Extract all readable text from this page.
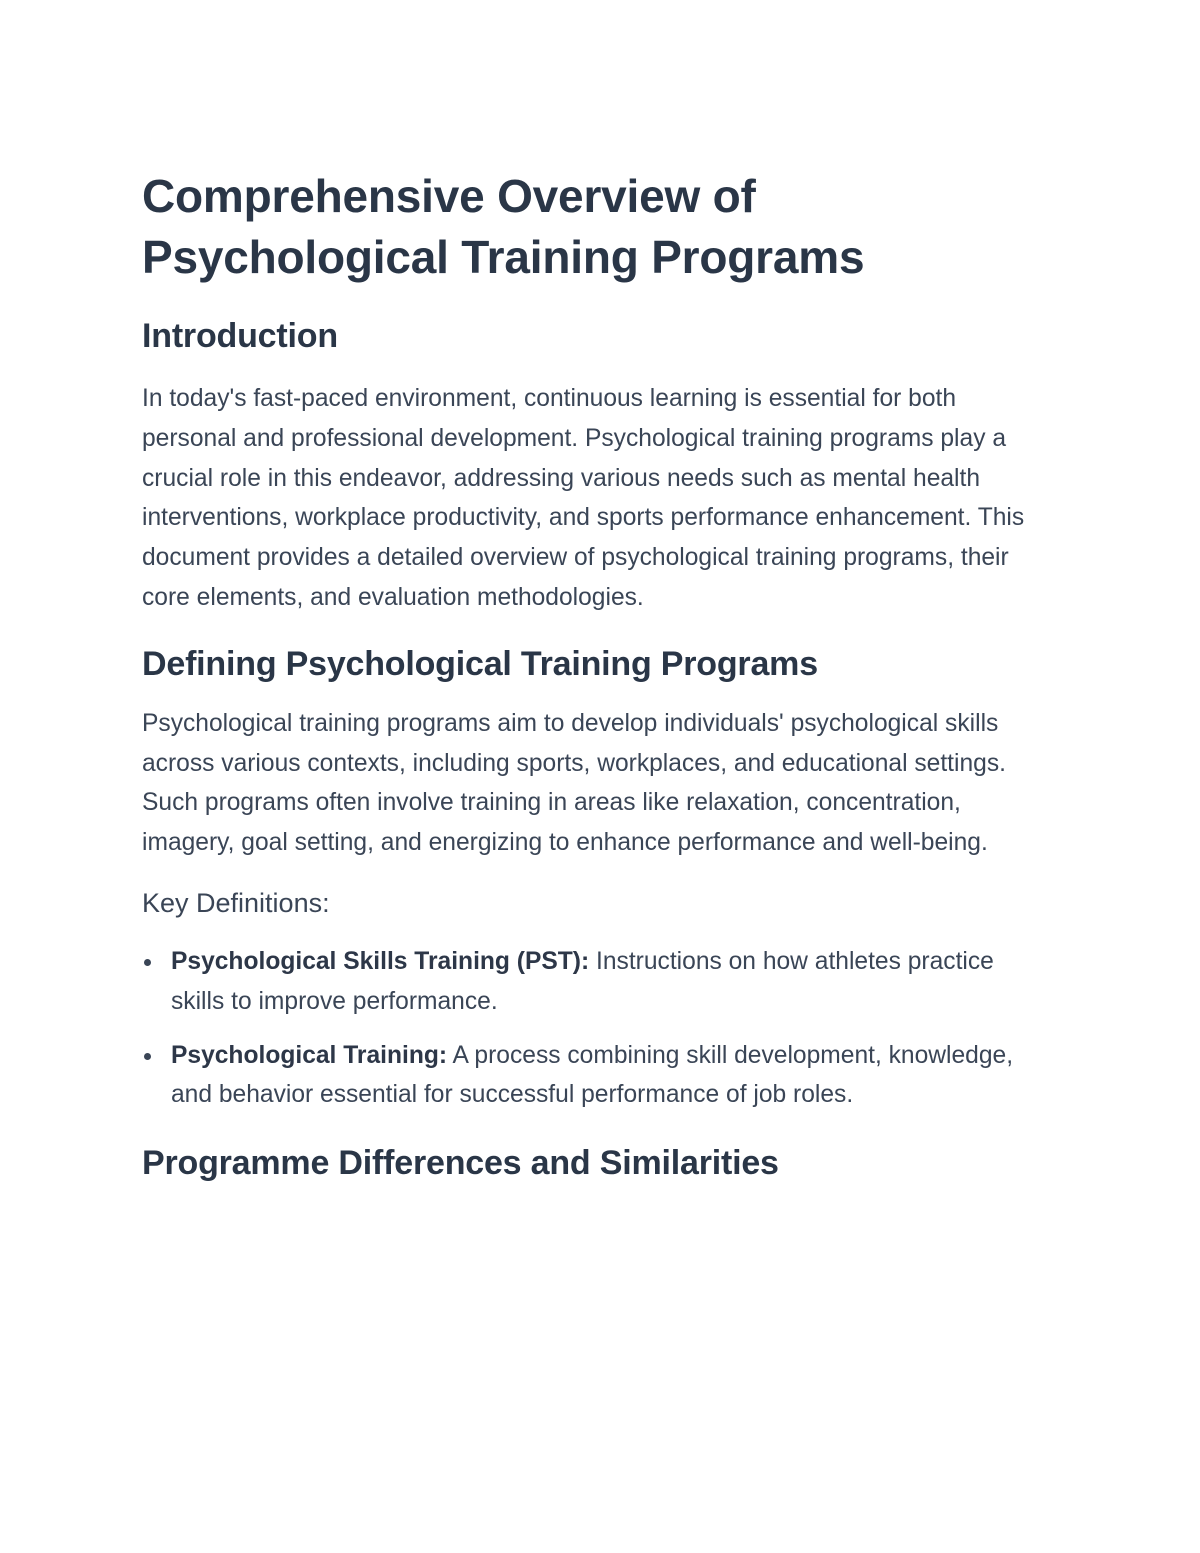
Comprehensive Overview of Psychological Training Programs
Introduction

In today's fast-paced environment, continuous learning is essential for both personal and professional development. Psychological training programs play a crucial role in this endeavor, addressing various needs such as mental health interventions, workplace productivity, and sports performance enhancement. This document provides a detailed overview of psychological training programs, their core elements, and evaluation methodologies.

Defining Psychological Training Programs

Psychological training programs aim to develop individuals' psychological skills across various contexts, including sports, workplaces, and educational settings. Such programs often involve training in areas like relaxation, concentration, imagery, goal setting, and energizing to enhance performance and well-being.

Key Definitions:
Psychological Skills Training (PST): Instructions on how athletes practice skills to improve performance.
Psychological Training: A process combining skill development, knowledge, and behavior essential for successful performance of job roles.
Programme Differences and Similarities
